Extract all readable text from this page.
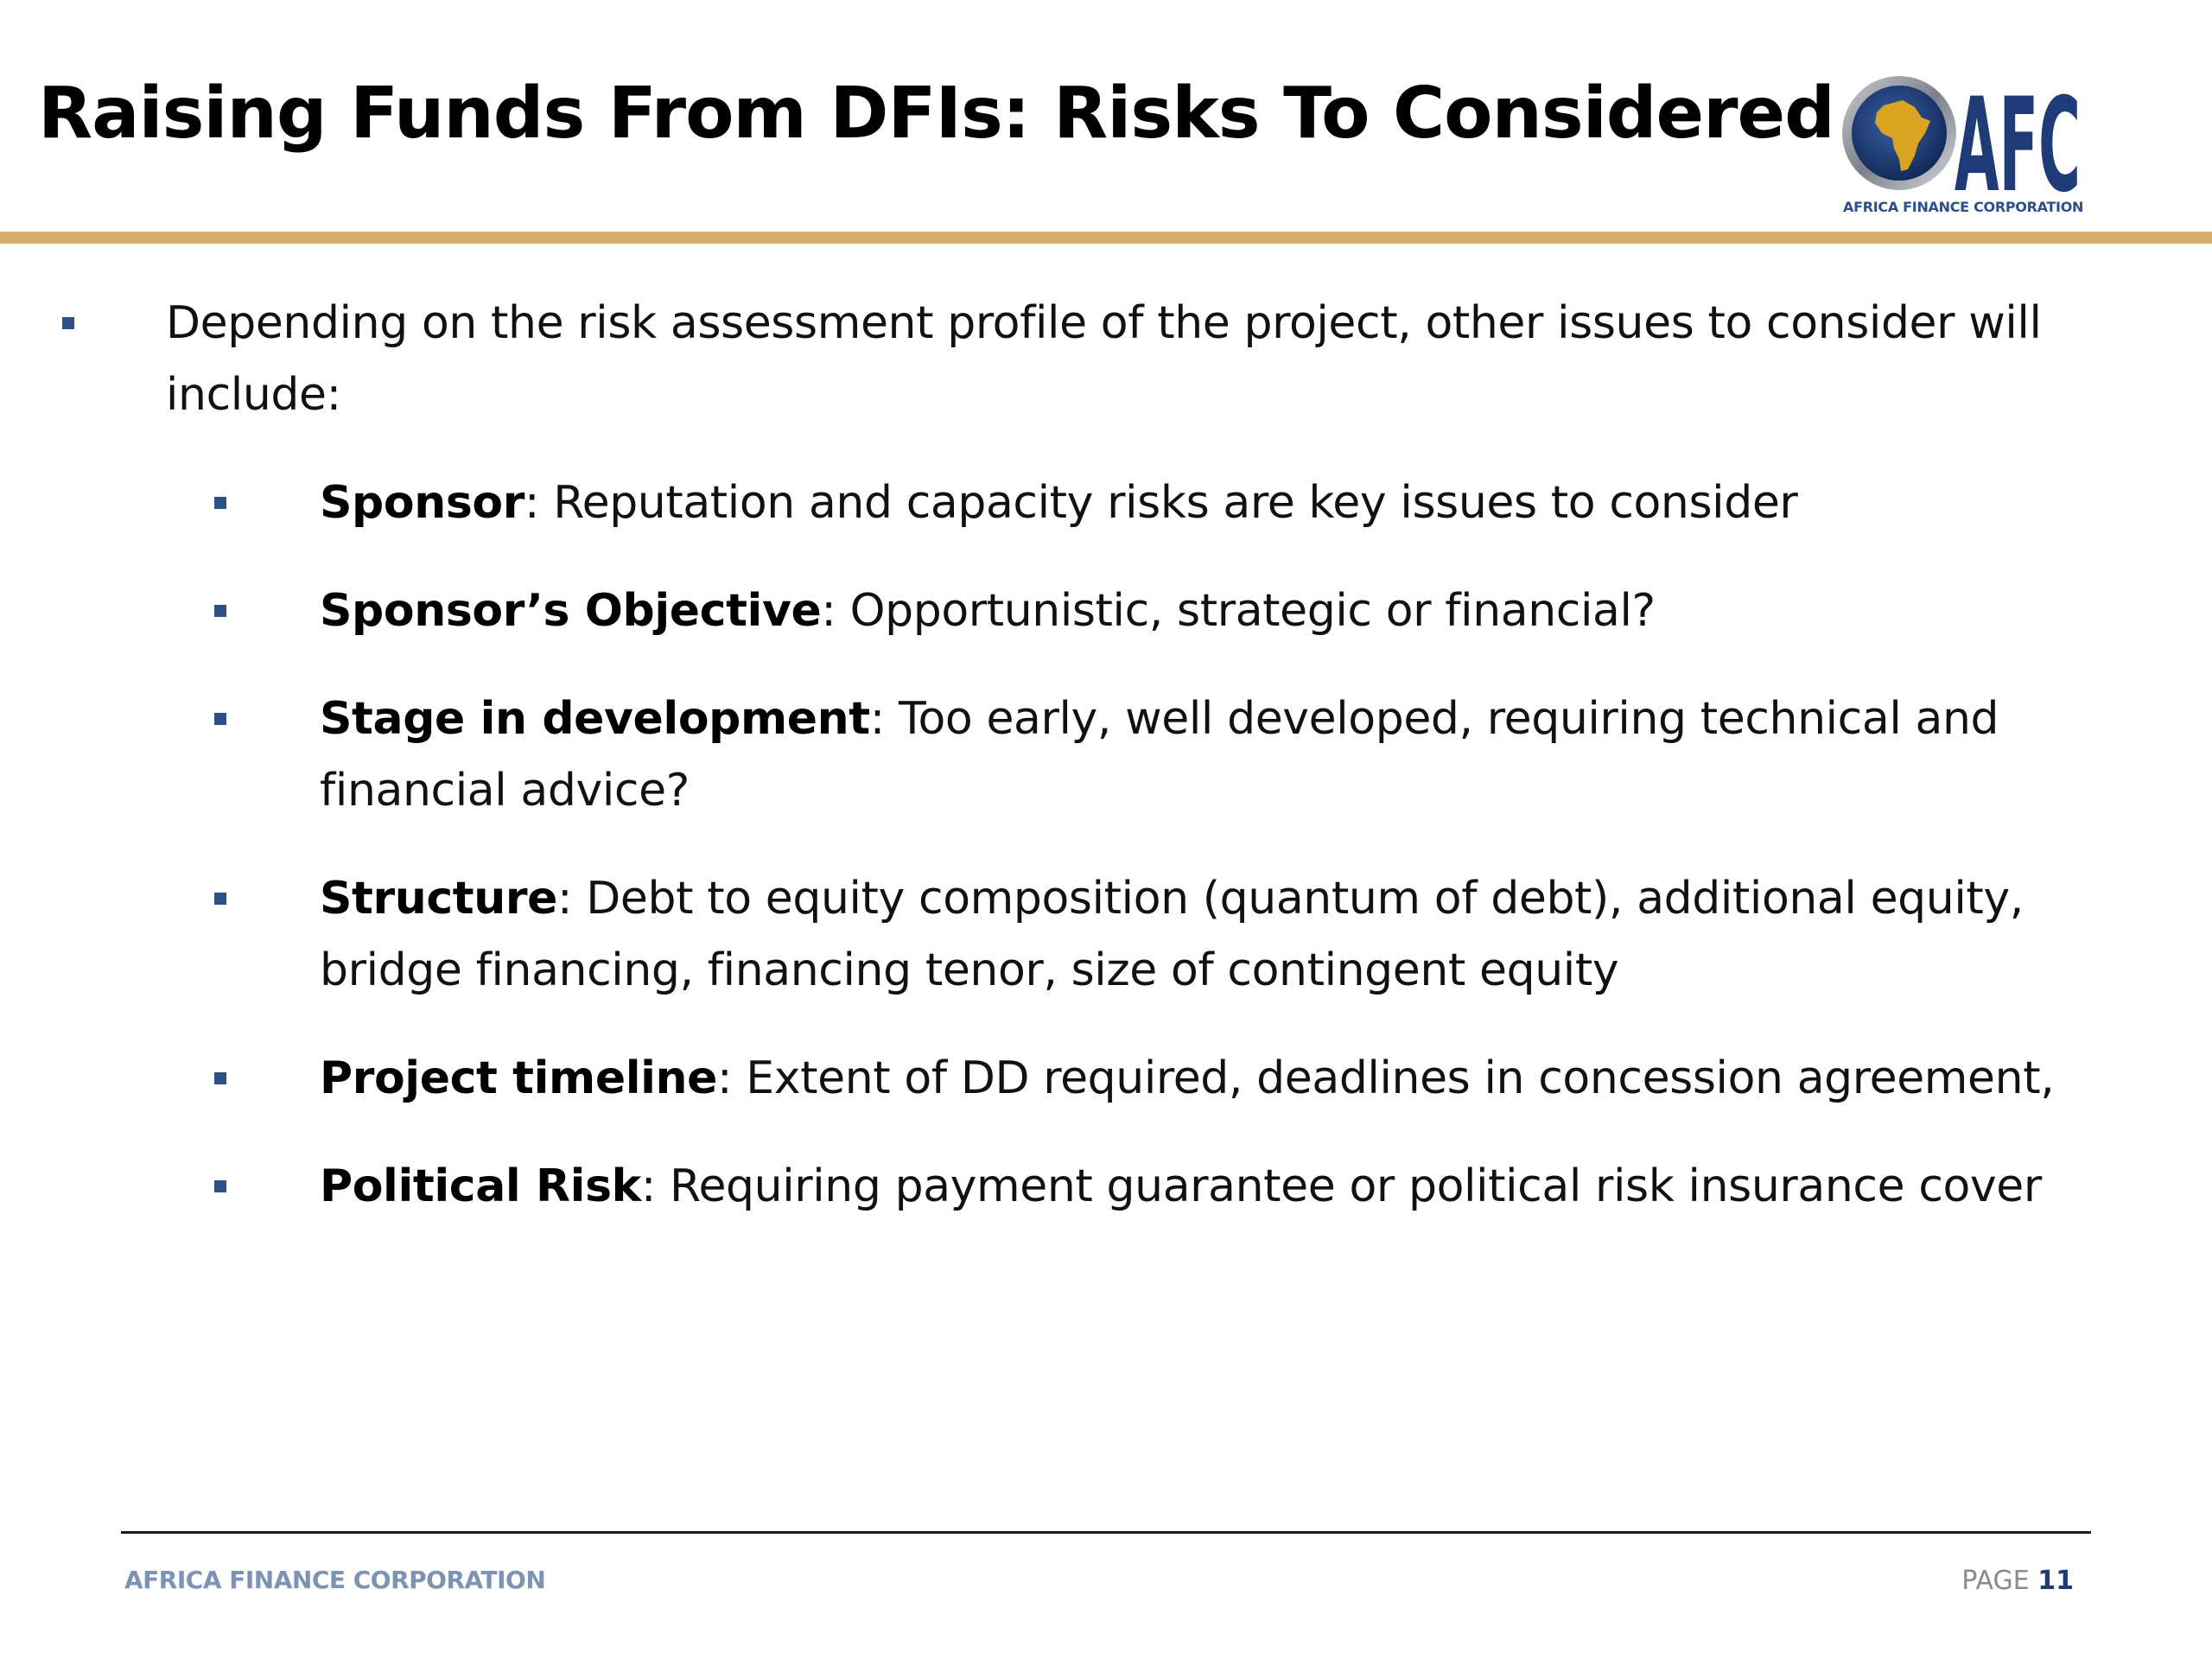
Raising Funds From DFIs: Risks To Considered AFC
AFRICA FINANCE CORPORATION
Depending on the risk assessment profile of the project, other issues to consider will include:
Sponsor: Reputation and capacity risks are key issues to consider
Sponsor’s Objective: Opportunistic, strategic or financial?
Stage in development: Too early, well developed, requiring technical and financial advice?
Structure: Debt to equity composition (quantum of debt), additional equity, bridge financing, financing tenor, size of contingent equity
Project timeline: Extent of DD required, deadlines in concession agreement,
Political Risk: Requiring payment guarantee or political risk insurance cover
AFRICA FINANCE CORPORATION	PAGE 11
